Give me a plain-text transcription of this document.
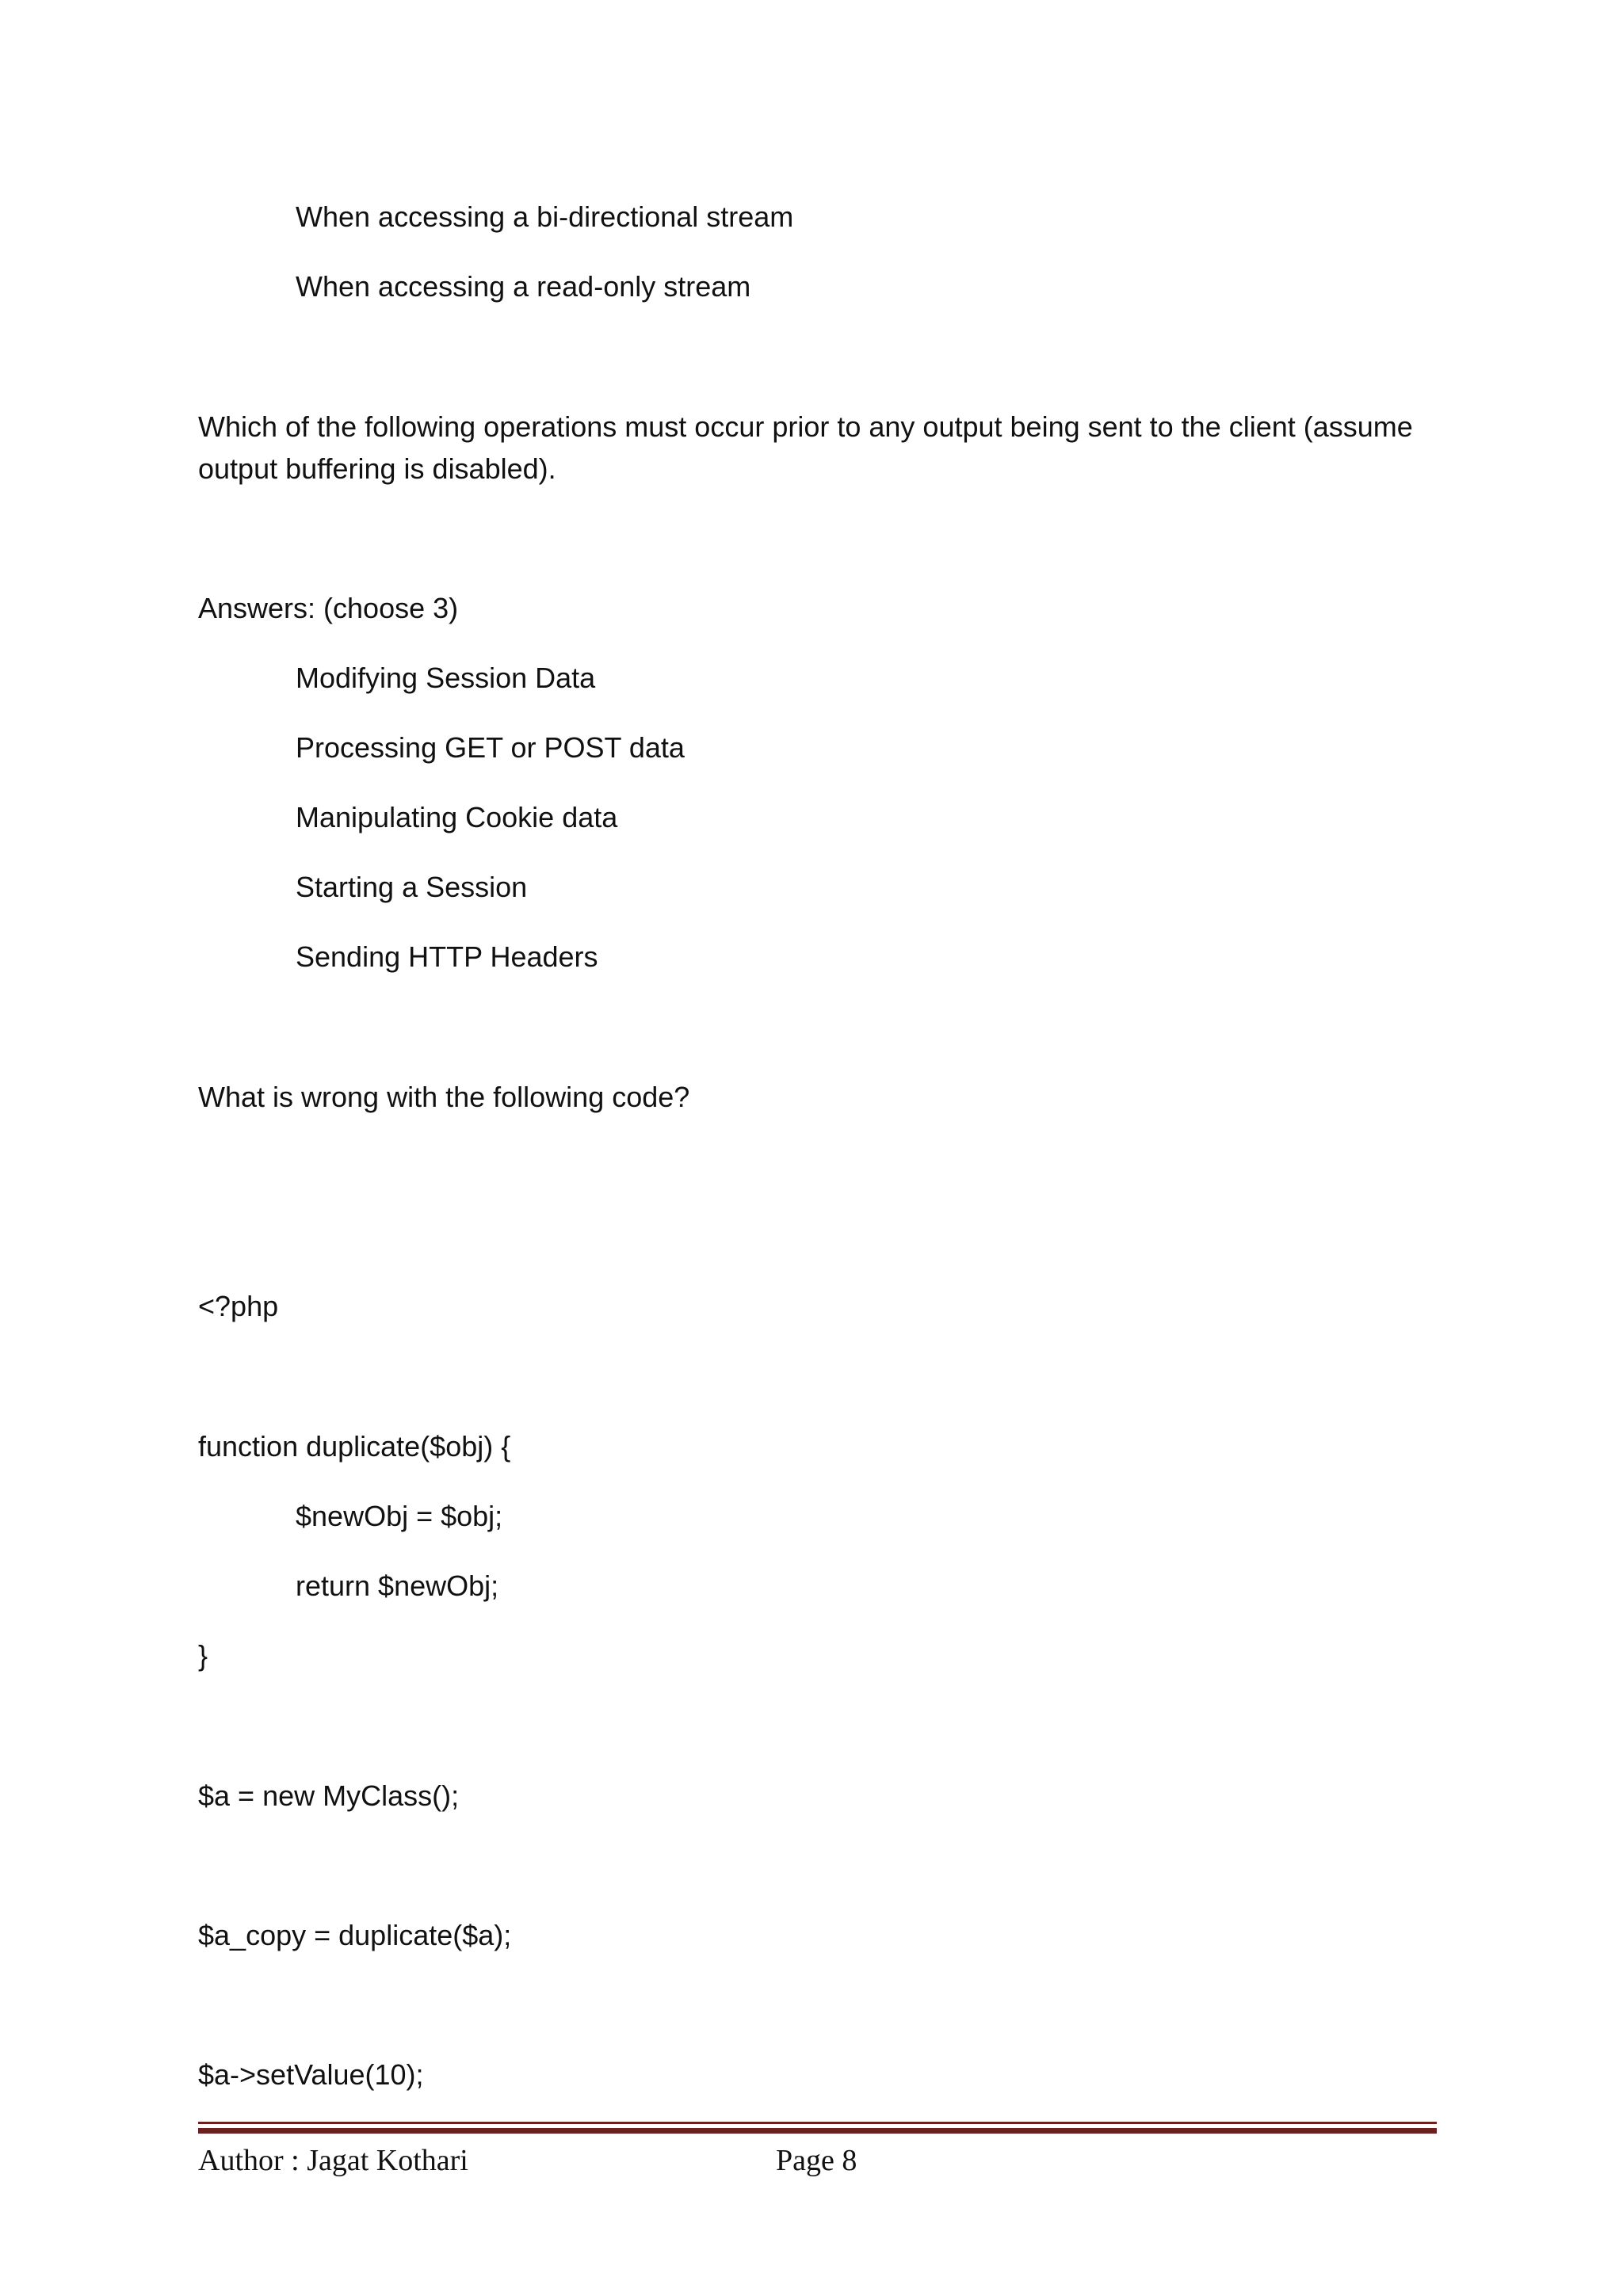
When accessing a bi-directional stream
When accessing a read-only stream
Which of the following operations must occur prior to any output being sent to the client (assume output buffering is disabled).
Answers: (choose 3)
Modifying Session Data
Processing GET or POST data
Manipulating Cookie data
Starting a Session
Sending HTTP Headers
What is wrong with the following code?
<?php
function duplicate($obj) {
$newObj = $obj;
return $newObj;
}
$a = new MyClass();
$a_copy = duplicate($a);
$a->setValue(10);
Author : Jagat Kothari	Page 8
